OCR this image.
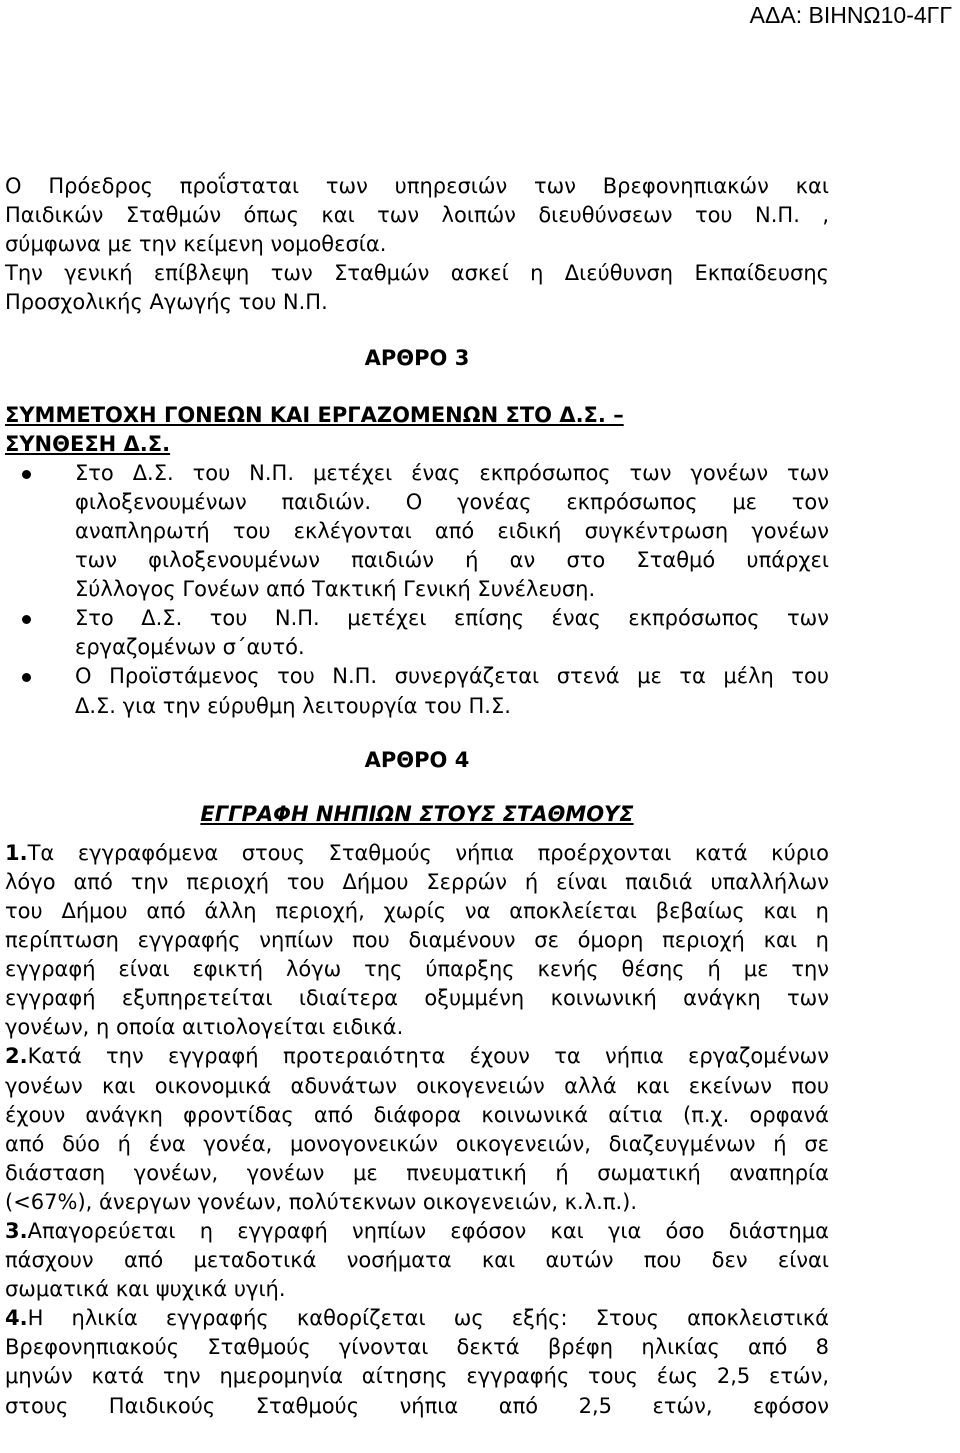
ΑΔΑ: ΒΙΗΝΩ10-4ΓΓ

Ο Πρόεδρος προΐσταται των υπηρεσιών των Βρεφονηπιακών και

Παιδικών Σταθμών όπως και των λοιπών διευθύνσεων του Ν.Π. ,

σύμφωνα με την κείμενη νομοθεσία.

Την γενική επίβλεψη των Σταθμών ασκεί η Διεύθυνση Εκπαίδευσης

Προσχολικής Αγωγής του Ν.Π.

ΑΡΘΡΟ 3

ΣΥΜΜΕΤΟΧΗ ΓΟΝΕΩΝ ΚΑΙ ΕΡΓΑΖΟΜΕΝΩΝ ΣΤΟ Δ.Σ. –

ΣΥΝΘΕΣΗ Δ.Σ.

Στο Δ.Σ. του Ν.Π. μετέχει ένας εκπρόσωπος των γονέων των

φιλοξενουμένων παιδιών. Ο γονέας εκπρόσωπος με τον

αναπληρωτή του εκλέγονται από ειδική συγκέντρωση γονέων

των φιλοξενουμένων παιδιών ή αν στο Σταθμό υπάρχει

Σύλλογος Γονέων από Τακτική Γενική Συνέλευση.

Στο Δ.Σ. του Ν.Π. μετέχει επίσης ένας εκπρόσωπος των

εργαζομένων σ΄αυτό.

Ο Προϊστάμενος του Ν.Π. συνεργάζεται στενά με τα μέλη του

Δ.Σ. για την εύρυθμη λειτουργία του Π.Σ.

ΑΡΘΡΟ 4

ΕΓΓΡΑΦΗ ΝΗΠΙΩΝ ΣΤΟΥΣ ΣΤΑΘΜΟΥΣ

1.Τα εγγραφόμενα στους Σταθμούς νήπια προέρχονται κατά κύριο

λόγο από την περιοχή του Δήμου Σερρών ή είναι παιδιά υπαλλήλων

του Δήμου από άλλη περιοχή, χωρίς να αποκλείεται βεβαίως και η

περίπτωση εγγραφής νηπίων που διαμένουν σε όμορη περιοχή και η

εγγραφή είναι εφικτή λόγω της ύπαρξης κενής θέσης ή με την

εγγραφή εξυπηρετείται ιδιαίτερα οξυμμένη κοινωνική ανάγκη των

γονέων, η οποία αιτιολογείται ειδικά.

2.Κατά την εγγραφή προτεραιότητα έχουν τα νήπια εργαζομένων

γονέων και οικονομικά αδυνάτων οικογενειών αλλά και εκείνων που

έχουν ανάγκη φροντίδας από διάφορα κοινωνικά αίτια (π.χ. ορφανά

από δύο ή ένα γονέα, μονογονεικών οικογενειών, διαζευγμένων ή σε

διάσταση γονέων, γονέων με πνευματική ή σωματική αναπηρία

(<67%), άνεργων γονέων, πολύτεκνων οικογενειών, κ.λ.π.).

3.Απαγορεύεται η εγγραφή νηπίων εφόσον και για όσο διάστημα

πάσχουν από μεταδοτικά νοσήματα και αυτών που δεν είναι

σωματικά και ψυχικά υγιή.

4.Η ηλικία εγγραφής καθορίζεται ως εξής: Στους αποκλειστικά

Βρεφονηπιακούς Σταθμούς γίνονται δεκτά βρέφη ηλικίας από 8

μηνών κατά την ημερομηνία αίτησης εγγραφής τους έως 2,5 ετών,

στους Παιδικούς Σταθμούς νήπια από 2,5 ετών, εφόσον
